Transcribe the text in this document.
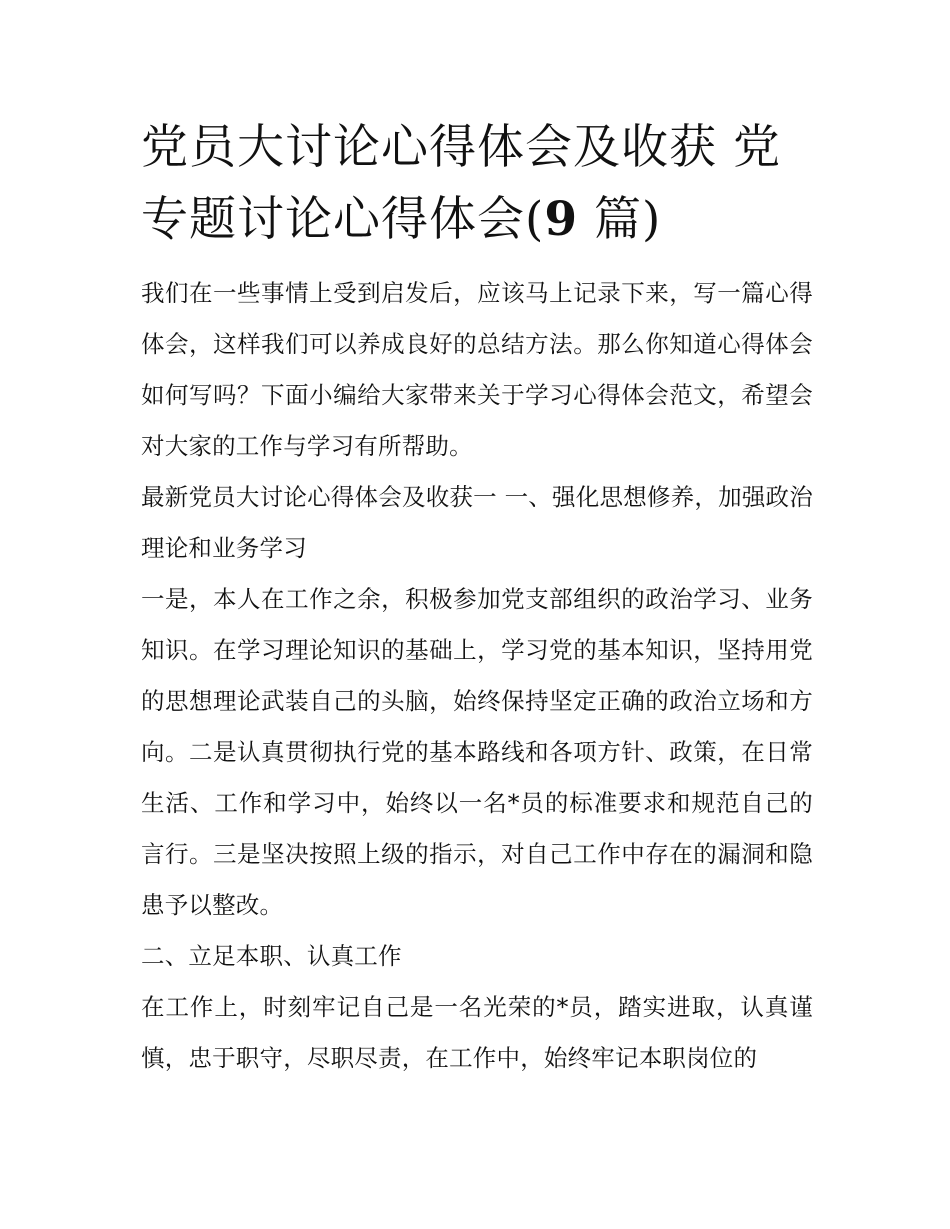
党员大讨论心得体会及收获 党专题讨论心得体会(9 篇)

我们在一些事情上受到启发后，应该马上记录下来，写一篇心得体会，这样我们可以养成良好的总结方法。那么你知道心得体会如何写吗？下面小编给大家带来关于学习心得体会范文，希望会对大家的工作与学习有所帮助。

最新党员大讨论心得体会及收获一 一、强化思想修养，加强政治理论和业务学习

一是，本人在工作之余，积极参加党支部组织的政治学习、业务知识。在学习理论知识的基础上，学习党的基本知识，坚持用党的思想理论武装自己的头脑，始终保持坚定正确的政治立场和方向。二是认真贯彻执行党的基本路线和各项方针、政策，在日常生活、工作和学习中，始终以一名*员的标准要求和规范自己的言行。三是坚决按照上级的指示，对自己工作中存在的漏洞和隐患予以整改。

二、立足本职、认真工作

在工作上，时刻牢记自己是一名光荣的*员，踏实进取，认真谨慎，忠于职守，尽职尽责，在工作中，始终牢记本职岗位的
